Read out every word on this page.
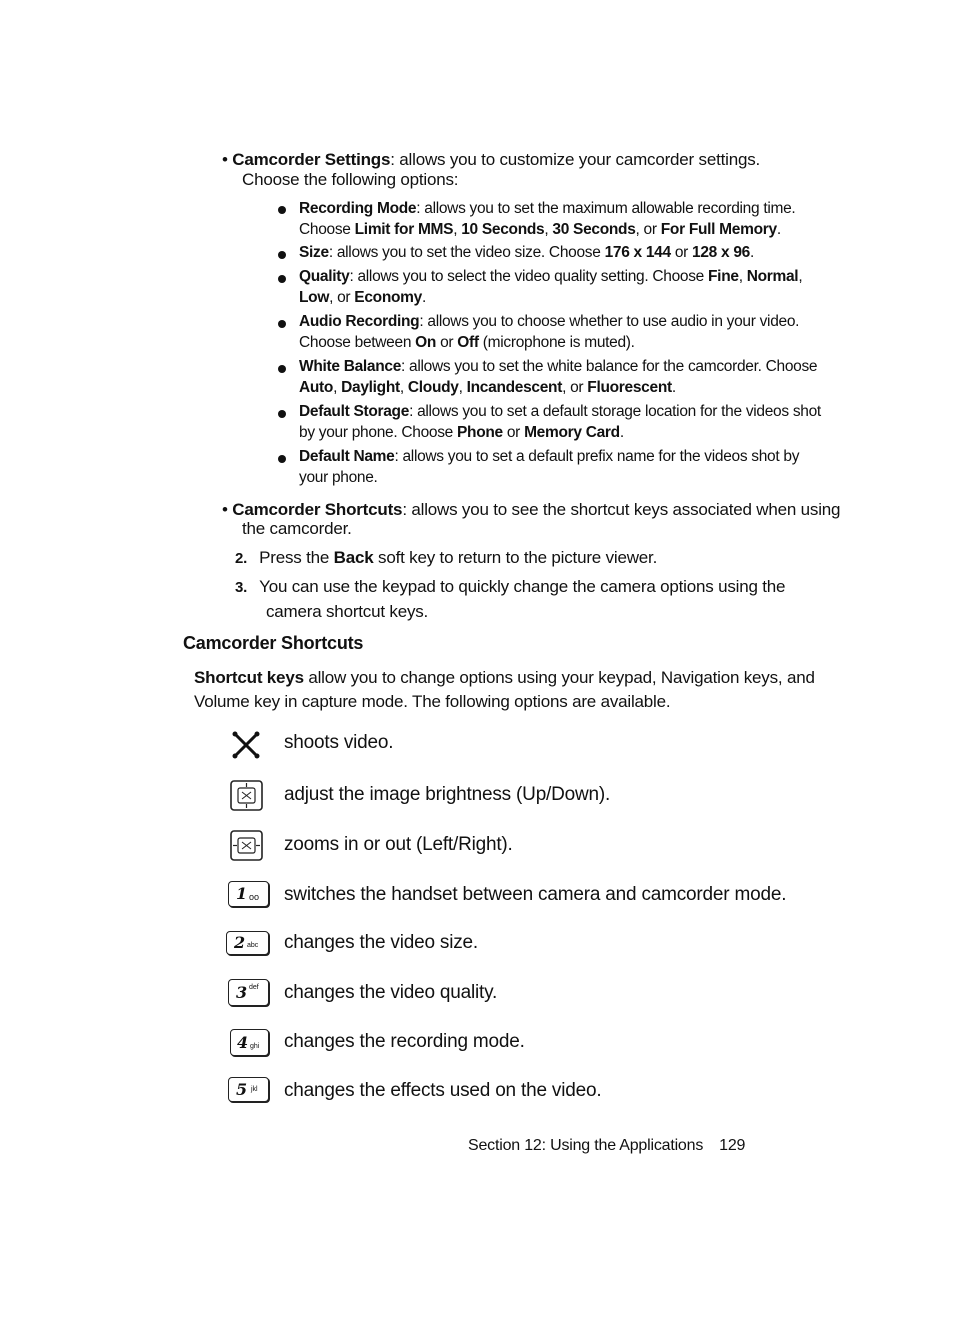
• Camcorder Settings: allows you to customize your camcorder settings.
Choose the following options:
Recording Mode: allows you to set the maximum allowable recording time.
Choose Limit for MMS, 10 Seconds, 30 Seconds, or For Full Memory.
Size: allows you to set the video size. Choose 176 x 144 or 128 x 96.
Quality: allows you to select the video quality setting. Choose Fine, Normal,
Low, or Economy.
Audio Recording: allows you to choose whether to use audio in your video.
Choose between On or Off (microphone is muted).
White Balance: allows you to set the white balance for the camcorder. Choose
Auto, Daylight, Cloudy, Incandescent, or Fluorescent.
Default Storage: allows you to set a default storage location for the videos shot
by your phone. Choose Phone or Memory Card.
Default Name: allows you to set a default prefix name for the videos shot by
your phone.
• Camcorder Shortcuts: allows you to see the shortcut keys associated when using
the camcorder.
2. Press the Back soft key to return to the picture viewer.
3. You can use the keypad to quickly change the camera options using the
camera shortcut keys.
Camcorder Shortcuts
Shortcut keys allow you to change options using your keypad, Navigation keys, and
Volume key in capture mode. The following options are available.
shoots video.
adjust the image brightness (Up/Down).
zooms in or out (Left/Right).
1 oo switches the handset between camera and camcorder mode.
2 abc changes the video size.
3 def changes the video quality.
4 ghi changes the recording mode.
5 jkl changes the effects used on the video.
Section 12: Using the Applications 129
